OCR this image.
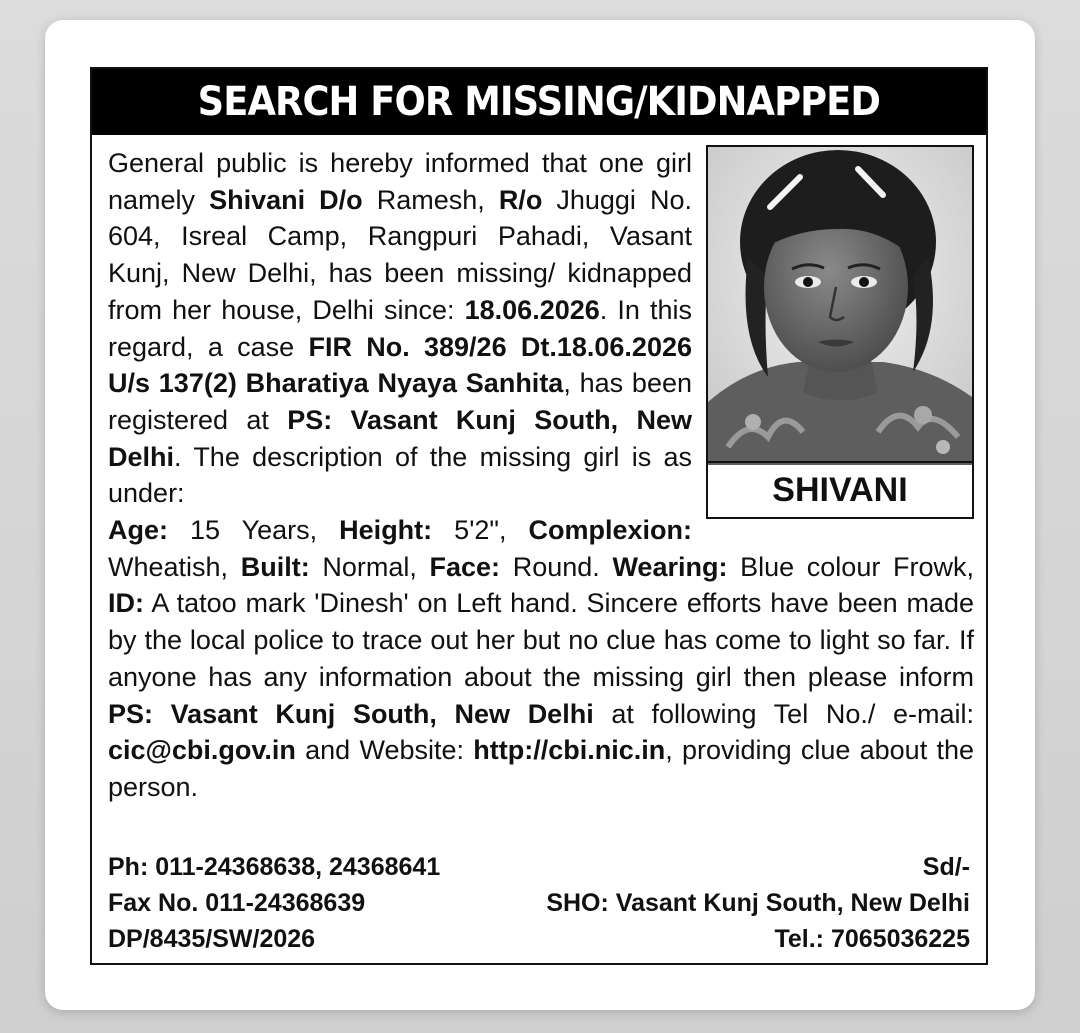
SEARCH FOR MISSING/KIDNAPPED
SHIVANI
General public is hereby informed that one girl namely Shivani D/o Ramesh, R/o Jhuggi No. 604, Isreal Camp, Rangpuri Pahadi, Vasant Kunj, New Delhi, has been missing/ kidnapped from her house, Delhi since: 18.06.2026. In this regard, a case FIR No. 389/26 Dt.18.06.2026 U/s 137(2) Bharatiya Nyaya Sanhita, has been registered at PS: Vasant Kunj South, New Delhi. The description of the missing girl is as under:
Age: 15 Years, Height: 5'2", Complexion: Wheatish, Built: Normal, Face: Round. Wearing: Blue colour Frowk, ID: A tatoo mark 'Dinesh' on Left hand. Sincere efforts have been made by the local police to trace out her but no clue has come to light so far. If anyone has any information about the missing girl then please inform PS: Vasant Kunj South, New Delhi at following Tel No./ e-mail: cic@cbi.gov.in and Website: http://cbi.nic.in, providing clue about the person.
Ph: 011-24368638, 24368641	Sd/-
Fax No. 011-24368639	SHO: Vasant Kunj South, New Delhi
DP/8435/SW/2026	Tel.: 7065036225
